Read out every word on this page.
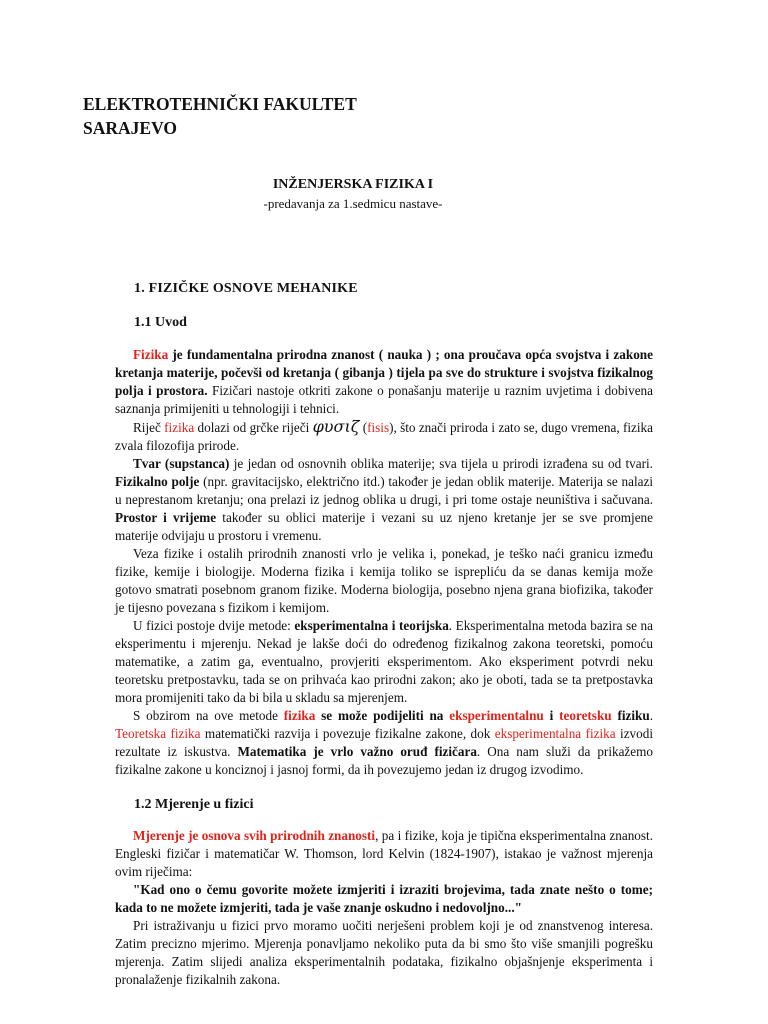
ELEKTROTEHNIČKI FAKULTET
SARAJEVO
INŽENJERSKA FIZIKA I
-predavanja za 1.sedmicu nastave-
1. FIZIČKE OSNOVE MEHANIKE
1.1 Uvod

Fizika je fundamentalna prirodna znanost ( nauka ) ; ona proučava opća svojstva i zakone kretanja materije, počevši od kretanja ( gibanja ) tijela pa sve do strukture i svojstva fizikalnog polja i prostora. Fizičari nastoje otkriti zakone o ponašanju materije u raznim uvjetima i dobivena saznanja primijeniti u tehnologiji i tehnici.

Riječ fizika dolazi od grčke riječi φυσιζ (fisis), što znači priroda i zato se, dugo vremena, fizika zvala filozofija prirode.

Tvar (supstanca) je jedan od osnovnih oblika materije; sva tijela u prirodi izrađena su od tvari. Fizikalno polje (npr. gravitacijsko, električno itd.) također je jedan oblik materije. Materija se nalazi u neprestanom kretanju; ona prelazi iz jednog oblika u drugi, i pri tome ostaje neuništiva i sačuvana. Prostor i vrijeme također su oblici materije i vezani su uz njeno kretanje jer se sve promjene materije odvijaju u prostoru i vremenu.

Veza fizike i ostalih prirodnih znanosti vrlo je velika i, ponekad, je teško naći granicu između fizike, kemije i biologije. Moderna fizika i kemija toliko se isprepliću da se danas kemija može gotovo smatrati posebnom granom fizike. Moderna biologija, posebno njena grana biofizika, također je tijesno povezana s fizikom i kemijom.

U fizici postoje dvije metode: eksperimentalna i teorijska. Eksperimentalna metoda bazira se na eksperimentu i mjerenju. Nekad je lakše doći do određenog fizikalnog zakona teoretski, pomoću matematike, a zatim ga, eventualno, provjeriti eksperimentom. Ako eksperiment potvrdi neku teoretsku pretpostavku, tada se on prihvaća kao prirodni zakon; ako je oboti, tada se ta pretpostavka mora promijeniti tako da bi bila u skladu sa mjerenjem.

S obzirom na ove metode fizika se može podijeliti na eksperimentalnu i teoretsku fiziku. Teoretska fizika matematički razvija i povezuje fizikalne zakone, dok eksperimentalna fizika izvodi rezultate iz iskustva. Matematika je vrlo važno oruđ fizičara. Ona nam služi da prikažemo fizikalne zakone u konciznoj i jasnoj formi, da ih povezujemo jedan iz drugog izvodimo.

1.2 Mjerenje u fizici

Mjerenje je osnova svih prirodnih znanosti, pa i fizike, koja je tipična eksperimentalna znanost. Engleski fizičar i matematičar W. Thomson, lord Kelvin (1824-1907), istakao je važnost mjerenja ovim riječima:

"Kad ono o čemu govorite možete izmjeriti i izraziti brojevima, tada znate nešto o tome; kada to ne možete izmjeriti, tada je vaše znanje oskudno i nedovoljno..."

Pri istraživanju u fizici prvo moramo uočiti nerješeni problem koji je od znanstvenog interesa. Zatim precizno mjerimo. Mjerenja ponavljamo nekoliko puta da bi smo što više smanjili pogrešku mjerenja. Zatim slijedi analiza eksperimentalnih podataka, fizikalno objašnjenje eksperimenta i pronalaženje fizikalnih zakona.
